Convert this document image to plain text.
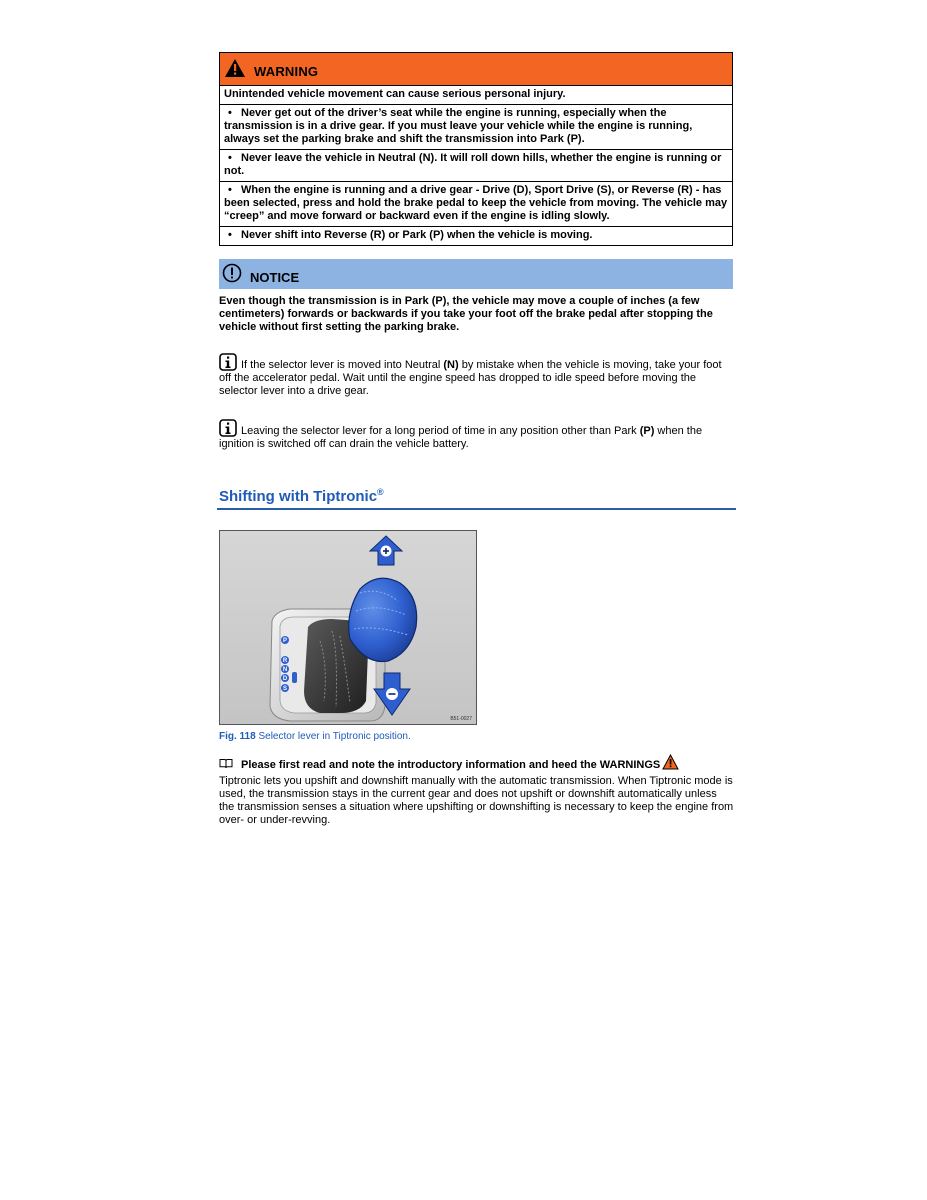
WARNING
Unintended vehicle movement can cause serious personal injury.
• Never get out of the driver’s seat while the engine is running, especially when the transmission is in a drive gear. If you must leave your vehicle while the engine is running, always set the parking brake and shift the transmission into Park (P).
• Never leave the vehicle in Neutral (N). It will roll down hills, whether the engine is running or not.
• When the engine is running and a drive gear - Drive (D), Sport Drive (S), or Reverse (R) - has been selected, press and hold the brake pedal to keep the vehicle from moving. The vehicle may “creep” and move forward or backward even if the engine is idling slowly.
• Never shift into Reverse (R) or Park (P) when the vehicle is moving.
NOTICE
Even though the transmission is in Park (P), the vehicle may move a couple of inches (a few centimeters) forwards or backwards if you take your foot off the brake pedal after stopping the vehicle without first setting the parking brake.
If the selector lever is moved into Neutral (N) by mistake when the vehicle is moving, take your foot off the accelerator pedal. Wait until the engine speed has dropped to idle speed before moving the selector lever into a drive gear.
Leaving the selector lever for a long period of time in any position other than Park (P) when the ignition is switched off can drain the vehicle battery.
Shifting with Tiptronic®
P
R
N
D
S
B51-0027
Fig. 118 Selector lever in Tiptronic position.
Please first read and note the introductory information and heed the WARNINGS
Tiptronic lets you upshift and downshift manually with the automatic transmission. When Tiptronic mode is used, the transmission stays in the current gear and does not upshift or downshift automatically unless the transmission senses a situation where upshifting or downshifting is necessary to keep the engine from over- or under-revving.
